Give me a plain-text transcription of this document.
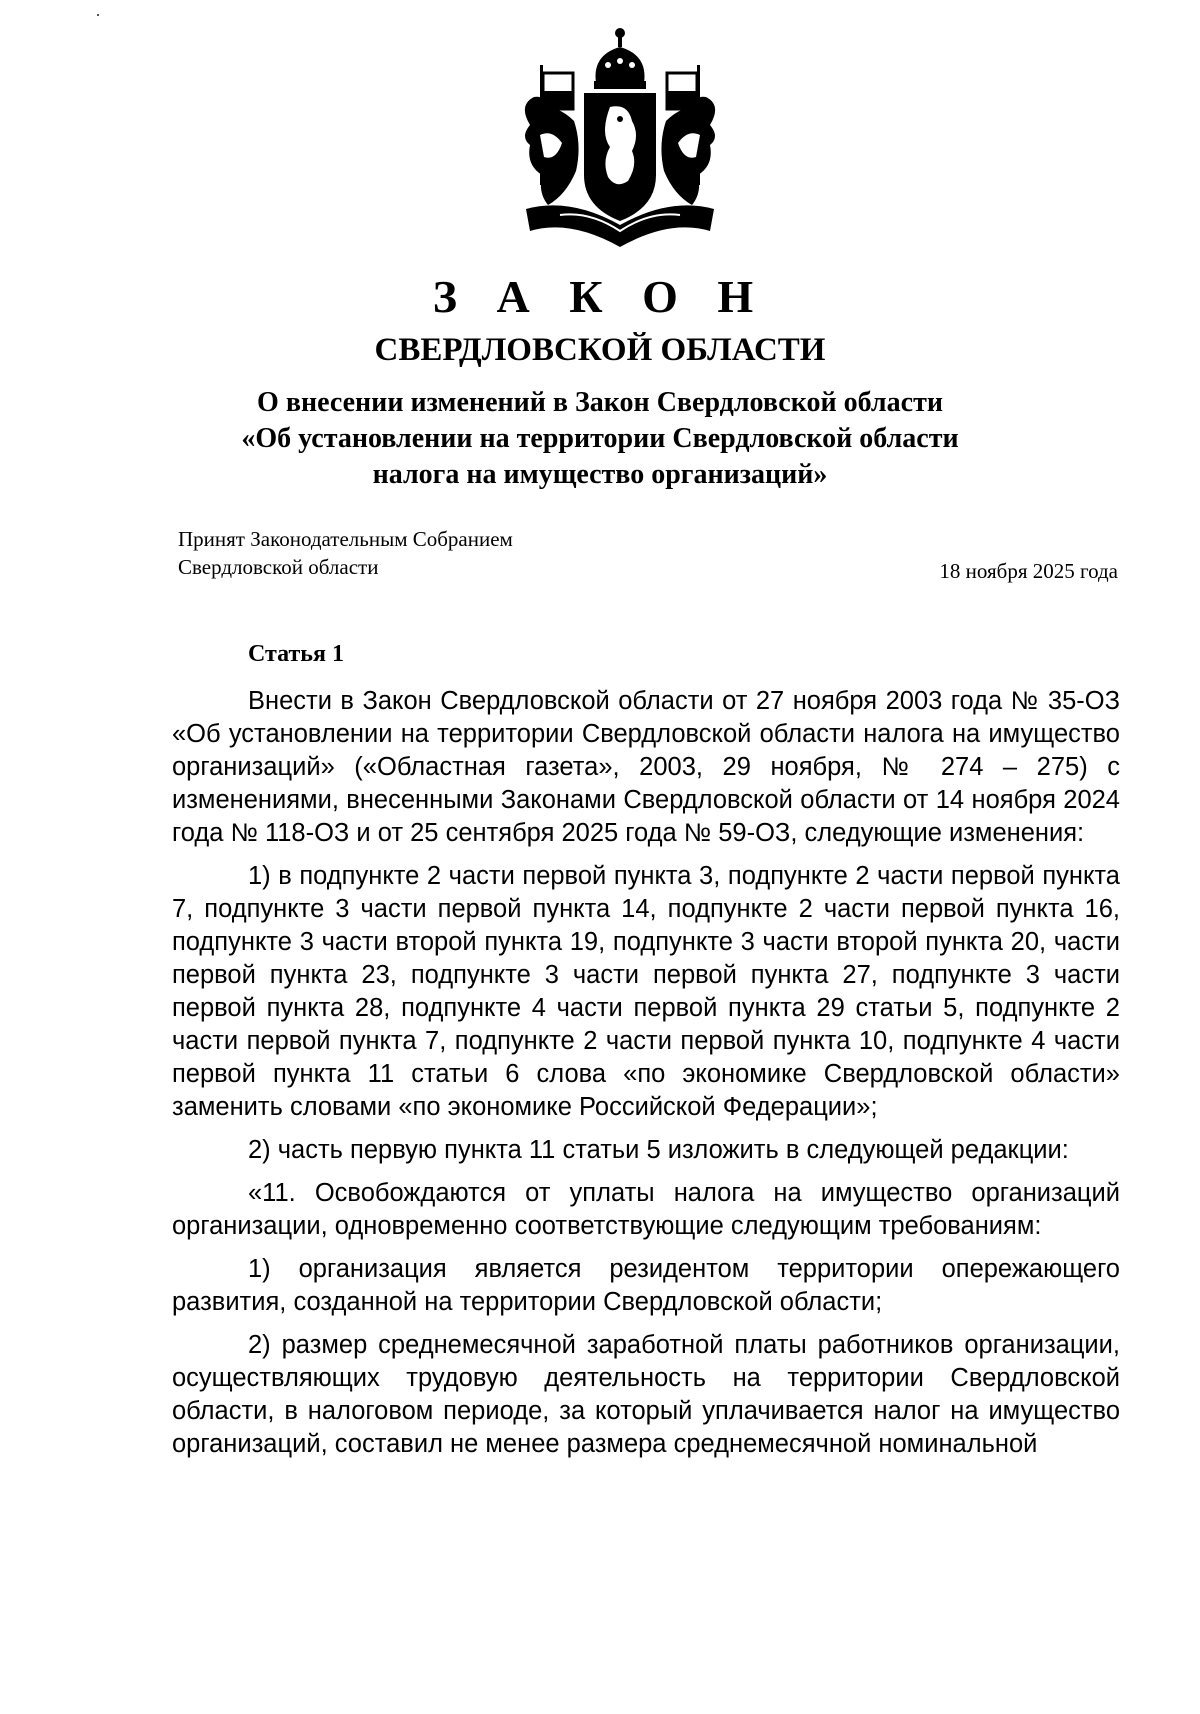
З А К О Н
СВЕРДЛОВСКОЙ ОБЛАСТИ
О внесении изменений в Закон Свердловской области
«Об установлении на территории Свердловской области
налога на имущество организаций»
Принят Законодательным Собранием
Свердловской области	18 ноября 2025 года

Статья 1

Внести в Закон Свердловской области от 27 ноября 2003 года № 35-ОЗ «Об установлении на территории Свердловской области налога на имущество организаций» («Областная газета», 2003, 29 ноября, № 274 – 275) с изменениями, внесенными Законами Свердловской области от 14 ноября 2024 года № 118-ОЗ и от 25 сентября 2025 года № 59-ОЗ, следующие изменения:

1) в подпункте 2 части первой пункта 3, подпункте 2 части первой пункта 7, подпункте 3 части первой пункта 14, подпункте 2 части первой пункта 16, подпункте 3 части второй пункта 19, подпункте 3 части второй пункта 20, части первой пункта 23, подпункте 3 части первой пункта 27, подпункте 3 части первой пункта 28, подпункте 4 части первой пункта 29 статьи 5, подпункте 2 части первой пункта 7, подпункте 2 части первой пункта 10, подпункте 4 части первой пункта 11 статьи 6 слова «по экономике Свердловской области» заменить словами «по экономике Российской Федерации»;

2) часть первую пункта 11 статьи 5 изложить в следующей редакции:

«11. Освобождаются от уплаты налога на имущество организаций организации, одновременно соответствующие следующим требованиям:

1) организация является резидентом территории опережающего развития, созданной на территории Свердловской области;

2) размер среднемесячной заработной платы работников организации, осуществляющих трудовую деятельность на территории Свердловской области, в налоговом периоде, за который уплачивается налог на имущество организаций, составил не менее размера среднемесячной номинальной
